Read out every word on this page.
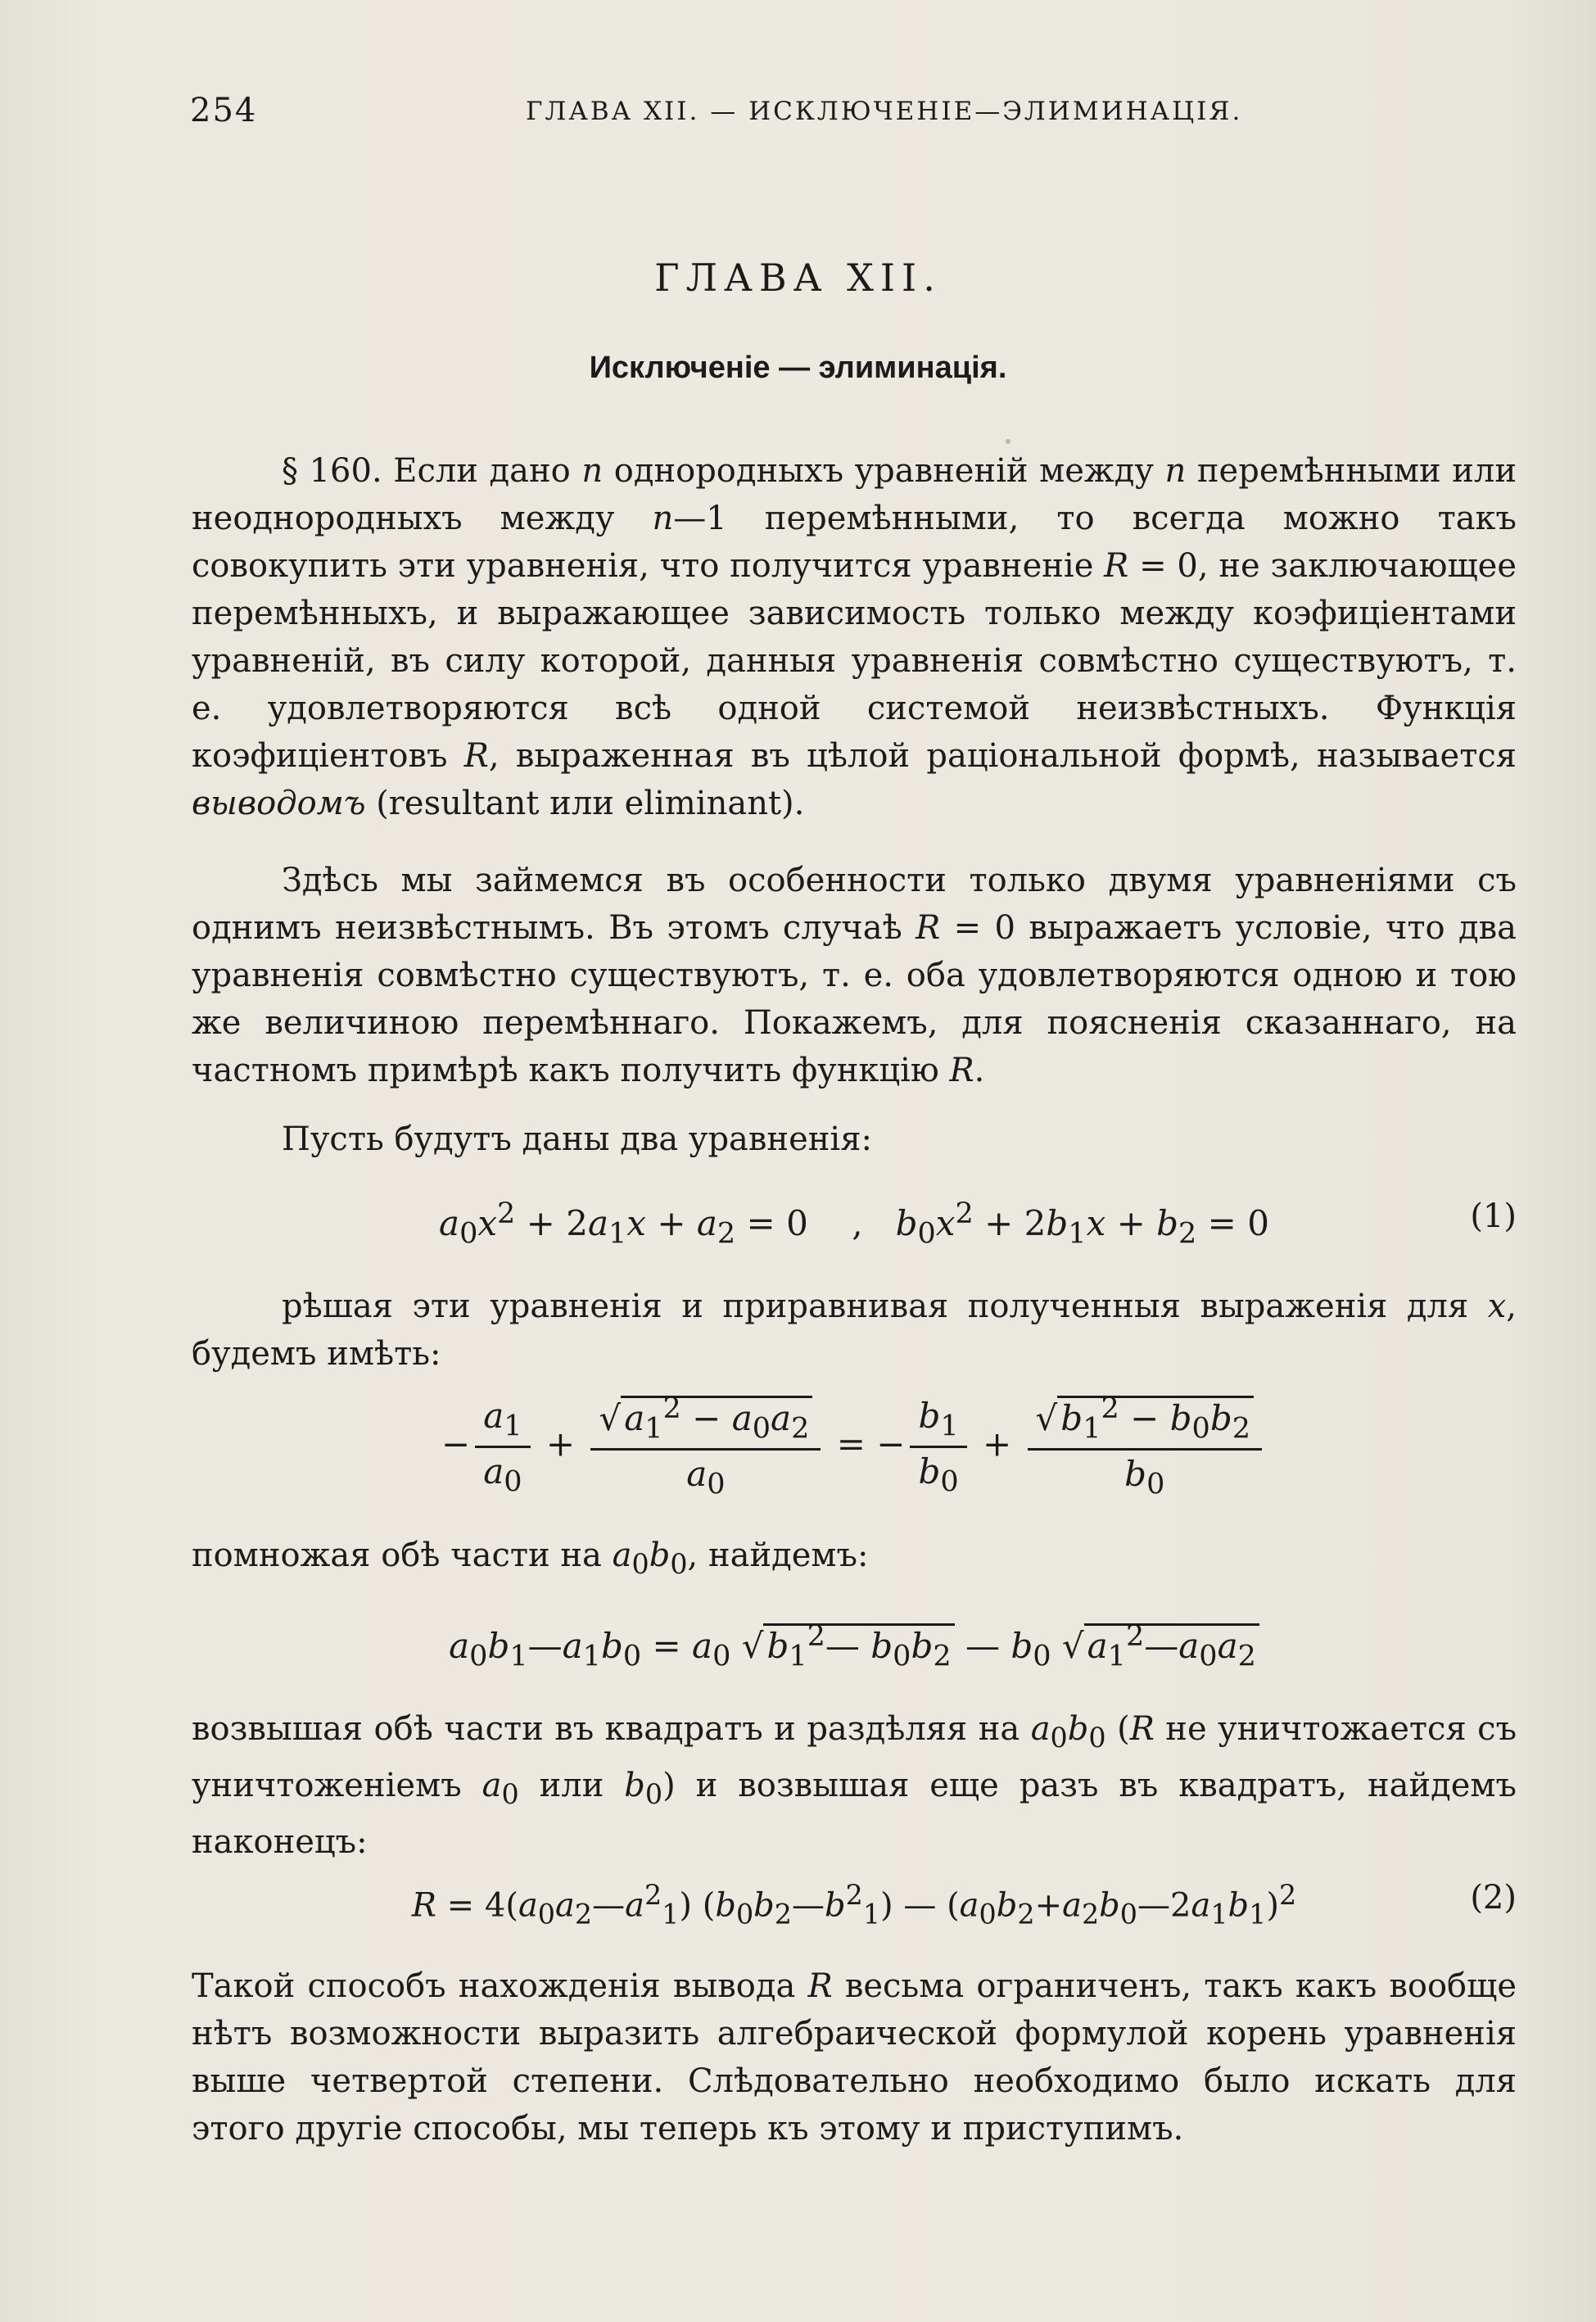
254	ГЛАВА XII. — ИСКЛЮЧЕНІЕ—ЭЛИМИНАЦІЯ.
ГЛАВА XII.
Исключеніе — элиминація.

§ 160. Если дано n однородныхъ уравненій между n перемѣнными или неоднородныхъ между n—1 перемѣнными, то всегда можно такъ совокупить эти уравненія, что получится уравненіе R = 0, не заключающее перемѣнныхъ, и выражающее зависимость только между коэфиціентами уравненій, въ силу которой, данныя уравненія совмѣстно существуютъ, т. е. удовлетворяются всѣ одной системой неизвѣстныхъ. Функція коэфиціентовъ R, выраженная въ цѣлой раціональной формѣ, называется выводомъ (resultant или eliminant).

Здѣсь мы займемся въ особенности только двумя уравненіями съ однимъ неизвѣстнымъ. Въ этомъ случаѣ R = 0 выражаетъ условіе, что два уравненія совмѣстно существуютъ, т. е. оба удовлетворяются одною и тою же величиною перемѣннаго. Покажемъ, для поясненія сказаннаго, на частномъ примѣрѣ какъ получить функцію R.

Пусть будутъ даны два уравненія:

$a_0x^2 + 2a_1x + a_2 = 0$    ,   $b_0x^2 + 2b_1x + b_2 = 0$	(1)

рѣшая эти уравненія и приравнивая полученныя выраженія для x, будемъ имѣть:

− $\frac{a_1}{a_0} + \frac{√a_1^2 - a_0a_2}{a_0}$ = − $\frac{b_1}{b_0} + \frac{√b_1^2 - b_0b_2}{b_0}$

помножая обѣ части на $a_0b_0$, найдемъ:

$a_0b_1—a_1b_0 = a_0$ $√b_1^2—$ $b_0b_2$ — $b_0$ $√a_1^2—a_0a_2$

возвышая обѣ части въ квадратъ и раздѣляя на $a_0b_0$ (R не уничтожается съ уничтоженіемъ $a_0$ или $b_0$) и возвышая еще разъ въ квадратъ, найдемъ наконецъ:

$R = 4(a_0a_2—a^2_1)$ $(b_0b_2—b^2_1)$ — $(a_0b_2+a_2b_0—2a_1b_1)^2$	(2)

Такой способъ нахожденія вывода R весьма ограниченъ, такъ какъ вообще нѣтъ возможности выразить алгебраической формулой корень уравненія выше четвертой степени. Слѣдовательно необходимо было искать для этого другіе способы, мы теперь къ этому и приступимъ.
